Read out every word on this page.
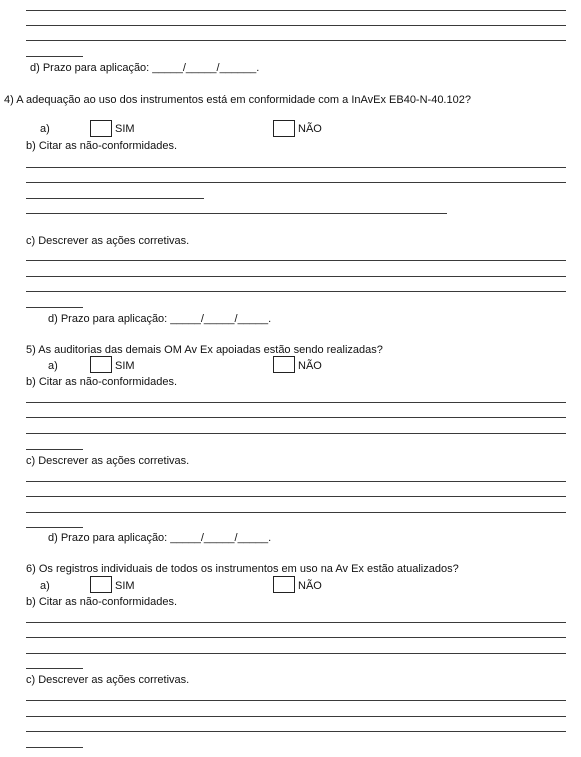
d) Prazo para aplicação: _____/_____/______.
4) A adequação ao uso dos instrumentos está em conformidade com a InAvEx EB40-N-40.102?
a)	SIM	NÃO
b) Citar as não-conformidades.
c) Descrever as ações corretivas.
d) Prazo para aplicação: _____/_____/_____.
5) As auditorias das demais OM Av Ex apoiadas estão sendo realizadas?
a)	SIM	NÃO
b) Citar as não-conformidades.
c) Descrever as ações corretivas.
d) Prazo para aplicação: _____/_____/_____.
6) Os registros individuais de todos os instrumentos em uso na Av Ex estão atualizados?
a)	SIM	NÃO
b) Citar as não-conformidades.
c) Descrever as ações corretivas.
